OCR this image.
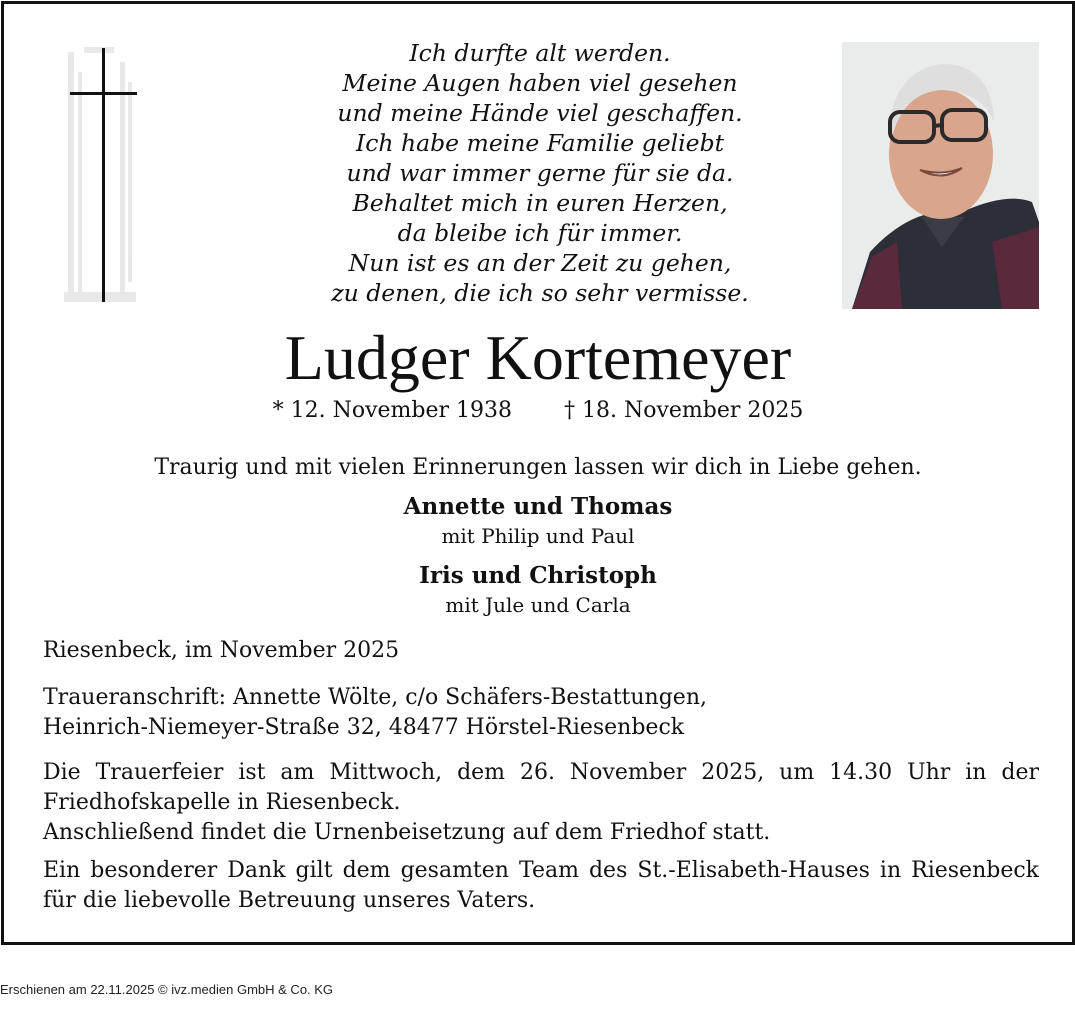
Ich durfte alt werden.
Meine Augen haben viel gesehen
und meine Hände viel geschaffen.
Ich habe meine Familie geliebt
und war immer gerne für sie da.
Behaltet mich in euren Herzen,
da bleibe ich für immer.
Nun ist es an der Zeit zu gehen,
zu denen, die ich so sehr vermisse.
Ludger Kortemeyer
* 12. November 1938 † 18. November 2025
Traurig und mit vielen Erinnerungen lassen wir dich in Liebe gehen.
Annette und Thomas
mit Philip und Paul
Iris und Christoph
mit Jule und Carla
Riesenbeck, im November 2025

Traueranschrift: Annette Wölte, c/o Schäfers-Bestattungen,

Heinrich-Niemeyer-Straße 32, 48477 Hörstel-Riesenbeck

Die Trauerfeier ist am Mittwoch, dem 26. November 2025, um 14.30 Uhr in der Friedhofskapelle in Riesenbeck.

Anschließend findet die Urnenbeisetzung auf dem Friedhof statt.

Ein besonderer Dank gilt dem gesamten Team des St.-Elisabeth-Hauses in Riesenbeck für die liebevolle Betreuung unseres Vaters.
Erschienen am 22.11.2025 © ivz.medien GmbH & Co. KG
